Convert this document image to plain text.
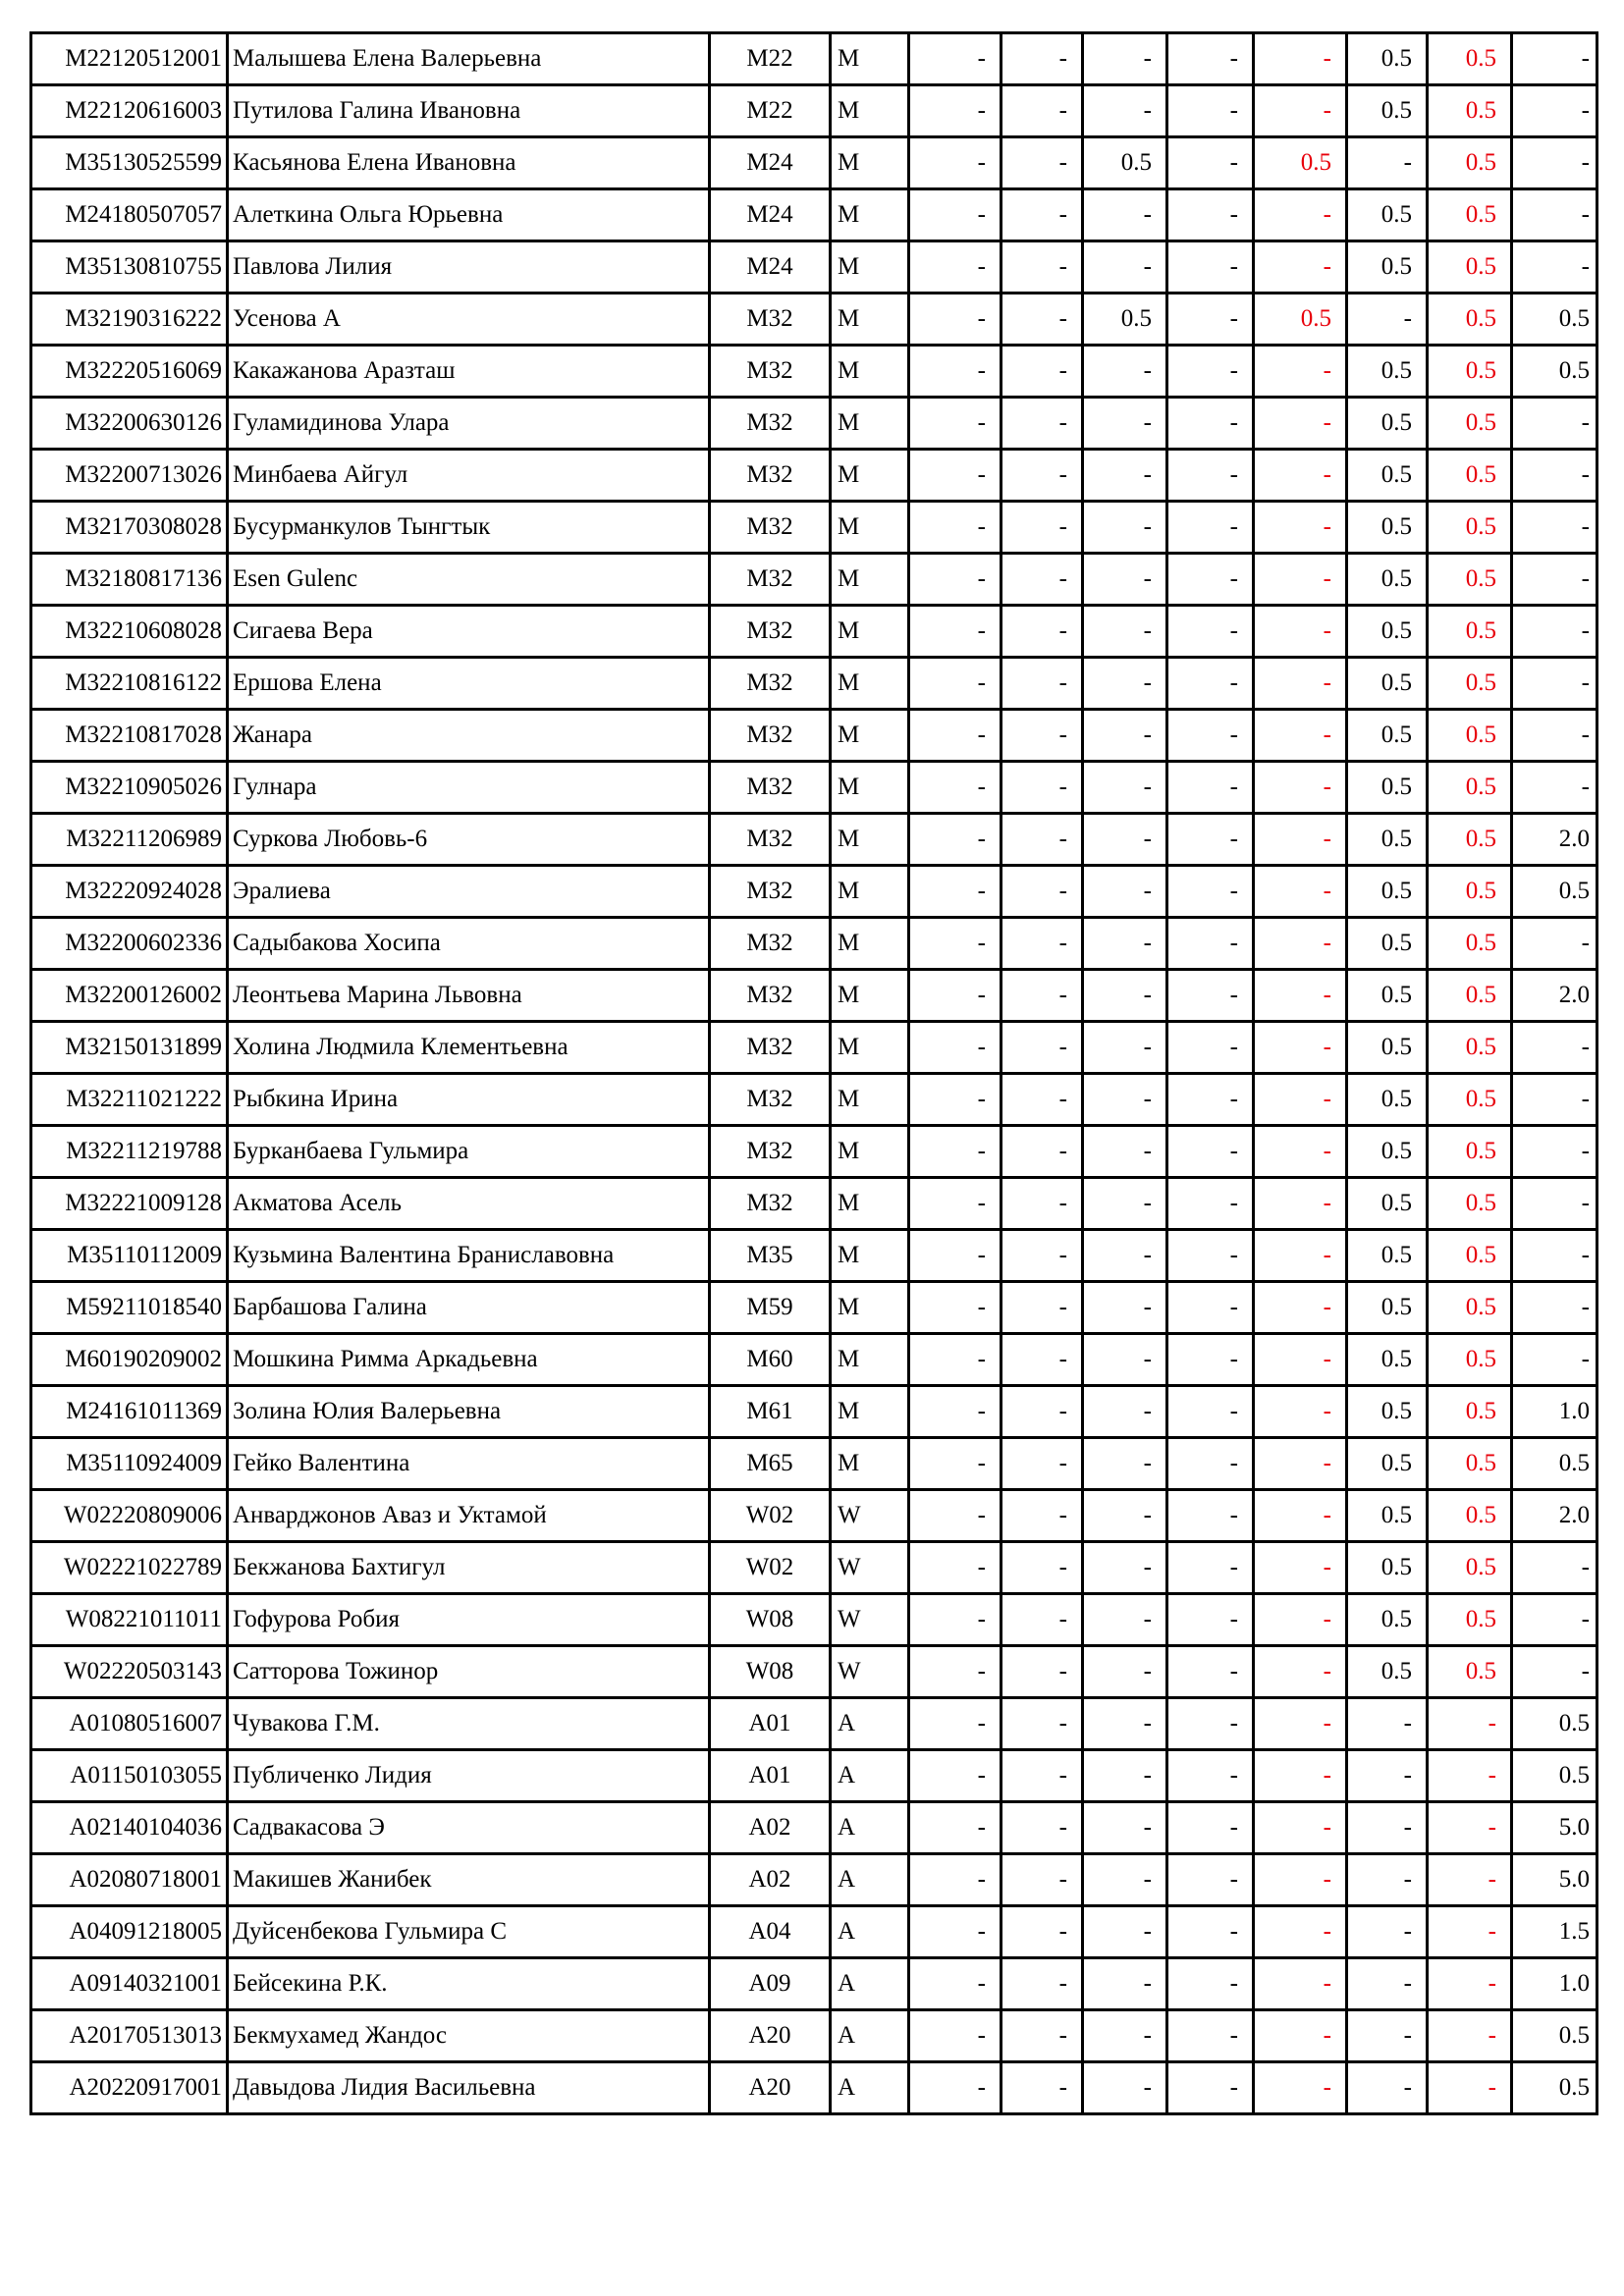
M22120512001	Малышева Елена Валерьевна	M22	M	-	-	-	-	-	0.5	0.5	-
M22120616003	Путилова Галина Ивановна	M22	M	-	-	-	-	-	0.5	0.5	-
M35130525599	Касьянова Елена Ивановна	M24	M	-	-	0.5	-	0.5	-	0.5	-
M24180507057	Алеткина Ольга Юрьевна	M24	M	-	-	-	-	-	0.5	0.5	-
M35130810755	Павлова Лилия	M24	M	-	-	-	-	-	0.5	0.5	-
M32190316222	Усенова А	M32	M	-	-	0.5	-	0.5	-	0.5	0.5
M32220516069	Какажанова Аразташ	M32	M	-	-	-	-	-	0.5	0.5	0.5
M32200630126	Гуламидинова Улара	M32	M	-	-	-	-	-	0.5	0.5	-
M32200713026	Минбаева Айгул	M32	M	-	-	-	-	-	0.5	0.5	-
M32170308028	Бусурманкулов Тынгтык	M32	M	-	-	-	-	-	0.5	0.5	-
M32180817136	Esen Gulenc	M32	M	-	-	-	-	-	0.5	0.5	-
M32210608028	Сигаева Вера	M32	M	-	-	-	-	-	0.5	0.5	-
M32210816122	Ершова Елена	M32	M	-	-	-	-	-	0.5	0.5	-
M32210817028	Жанара	M32	M	-	-	-	-	-	0.5	0.5	-
M32210905026	Гулнара	M32	M	-	-	-	-	-	0.5	0.5	-
M32211206989	Суркова Любовь-6	M32	M	-	-	-	-	-	0.5	0.5	2.0
M32220924028	Эралиева	M32	M	-	-	-	-	-	0.5	0.5	0.5
M32200602336	Садыбакова Хосипа	M32	M	-	-	-	-	-	0.5	0.5	-
M32200126002	Леонтьева Марина Львовна	M32	M	-	-	-	-	-	0.5	0.5	2.0
M32150131899	Холина Людмила Клементьевна	M32	M	-	-	-	-	-	0.5	0.5	-
M32211021222	Рыбкина Ирина	M32	M	-	-	-	-	-	0.5	0.5	-
M32211219788	Бурканбаева Гульмира	M32	M	-	-	-	-	-	0.5	0.5	-
M32221009128	Акматова Асель	M32	M	-	-	-	-	-	0.5	0.5	-
M35110112009	Кузьмина Валентина Браниславовна	M35	M	-	-	-	-	-	0.5	0.5	-
M59211018540	Барбашова Галина	M59	M	-	-	-	-	-	0.5	0.5	-
M60190209002	Мошкина Римма Аркадьевна	M60	M	-	-	-	-	-	0.5	0.5	-
M24161011369	Золина Юлия Валерьевна	M61	M	-	-	-	-	-	0.5	0.5	1.0
M35110924009	Гейко Валентина	M65	M	-	-	-	-	-	0.5	0.5	0.5
W02220809006	Анварджонов Аваз и Уктамой	W02	W	-	-	-	-	-	0.5	0.5	2.0
W02221022789	Бекжанова Бахтигул	W02	W	-	-	-	-	-	0.5	0.5	-
W08221011011	Гофурова Робия	W08	W	-	-	-	-	-	0.5	0.5	-
W02220503143	Сатторова Тожинор	W08	W	-	-	-	-	-	0.5	0.5	-
A01080516007	Чувакова Г.М.	A01	A	-	-	-	-	-	-	-	0.5
A01150103055	Публиченко Лидия	A01	A	-	-	-	-	-	-	-	0.5
A02140104036	Садвакасова Э	A02	A	-	-	-	-	-	-	-	5.0
A02080718001	Макишев Жанибек	A02	A	-	-	-	-	-	-	-	5.0
A04091218005	Дуйсенбекова Гульмира С	A04	A	-	-	-	-	-	-	-	1.5
A09140321001	Бейсекина Р.К.	A09	A	-	-	-	-	-	-	-	1.0
A20170513013	Бекмухамед Жандос	A20	A	-	-	-	-	-	-	-	0.5
A20220917001	Давыдова Лидия Васильевна	A20	A	-	-	-	-	-	-	-	0.5
